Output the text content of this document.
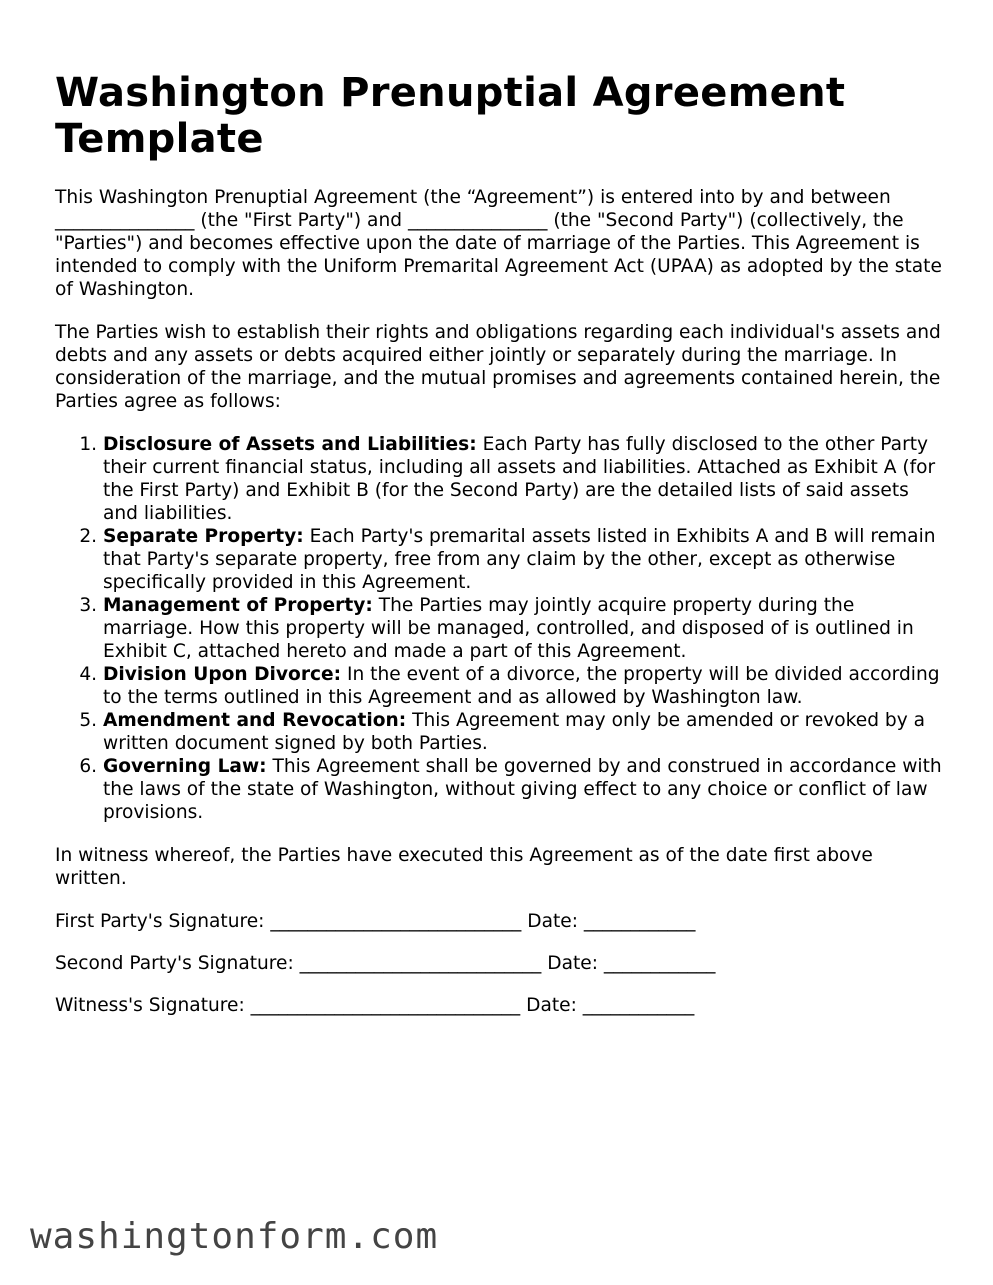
Washington Prenuptial Agreement Template

This Washington Prenuptial Agreement (the “Agreement”) is entered into by and between _______________ (the "First Party") and _______________ (the "Second Party") (collectively, the "Parties") and becomes effective upon the date of marriage of the Parties. This Agreement is intended to comply with the Uniform Premarital Agreement Act (UPAA) as adopted by the state of Washington.

The Parties wish to establish their rights and obligations regarding each individual's assets and debts and any assets or debts acquired either jointly or separately during the marriage. In consideration of the marriage, and the mutual promises and agreements contained herein, the Parties agree as follows:

1. Disclosure of Assets and Liabilities: Each Party has fully disclosed to the other Party their current financial status, including all assets and liabilities. Attached as Exhibit A (for the First Party) and Exhibit B (for the Second Party) are the detailed lists of said assets and liabilities.
2. Separate Property: Each Party's premarital assets listed in Exhibits A and B will remain that Party's separate property, free from any claim by the other, except as otherwise specifically provided in this Agreement.
3. Management of Property: The Parties may jointly acquire property during the marriage. How this property will be managed, controlled, and disposed of is outlined in Exhibit C, attached hereto and made a part of this Agreement.
4. Division Upon Divorce: In the event of a divorce, the property will be divided according to the terms outlined in this Agreement and as allowed by Washington law.
5. Amendment and Revocation: This Agreement may only be amended or revoked by a written document signed by both Parties.
6. Governing Law: This Agreement shall be governed by and construed in accordance with the laws of the state of Washington, without giving effect to any choice or conflict of law provisions.

In witness whereof, the Parties have executed this Agreement as of the date first above written.

First Party's Signature: ___________________________ Date: ____________
Second Party's Signature: __________________________ Date: ____________
Witness's Signature: _____________________________ Date: ____________
washingtonform.com
